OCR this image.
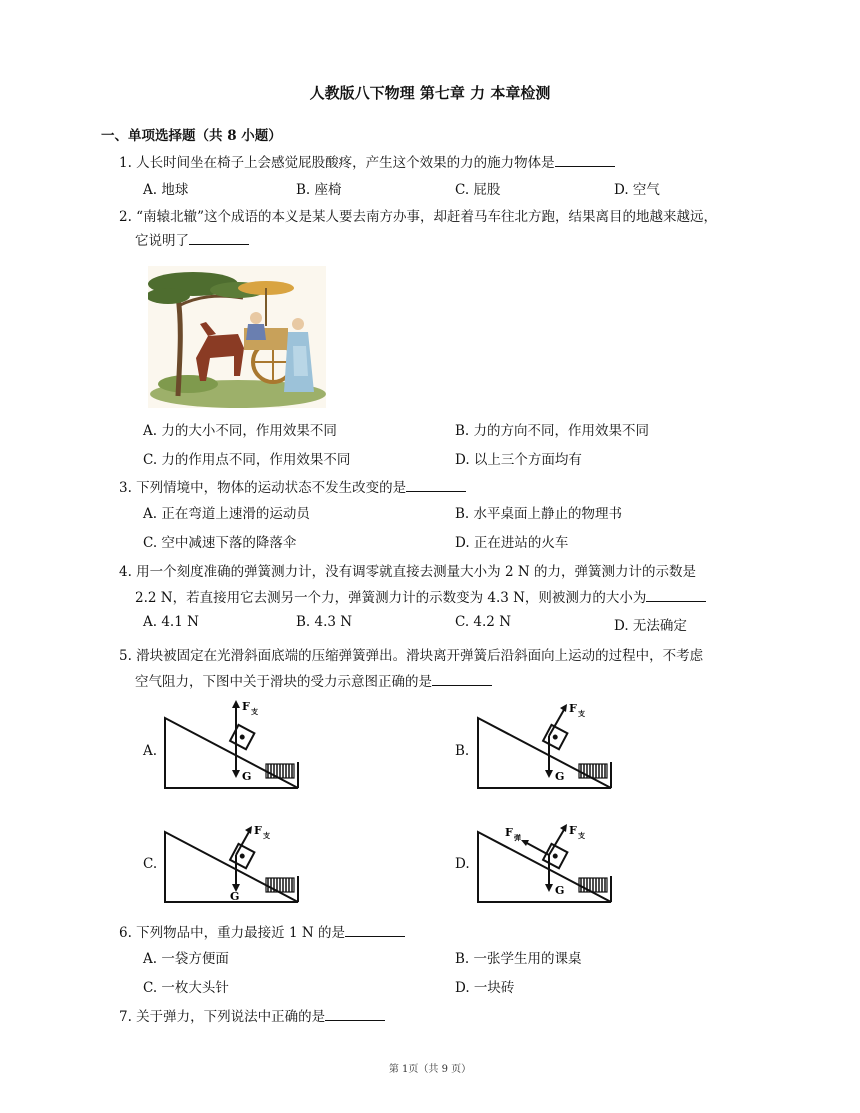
人教版八下物理 第七章 力 本章检测
一、单项选择题（共 8 小题）
1. 人长时间坐在椅子上会感觉屁股酸疼，产生这个效果的力的施力物体是
A. 地球	B. 座椅	C. 屁股	D. 空气
2. “南辕北辙”这个成语的本义是某人要去南方办事，却赶着马车往北方跑，结果离目的地越来越远，
它说明了
A. 力的大小不同，作用效果不同	B. 力的方向不同，作用效果不同
C. 力的作用点不同，作用效果不同	D. 以上三个方面均有
3. 下列情境中，物体的运动状态不发生改变的是
A. 正在弯道上速滑的运动员	B. 水平桌面上静止的物理书
C. 空中减速下落的降落伞	D. 正在进站的火车
4. 用一个刻度准确的弹簧测力计，没有调零就直接去测量大小为 2 N 的力，弹簧测力计的示数是
2.2 N，若直接用它去测另一个力，弹簧测力计的示数变为 4.3 N，则被测力的大小为
A. 4.1 N	B. 4.3 N	C. 4.2 N	D. 无法确定
5. 滑块被固定在光滑斜面底端的压缩弹簧弹出。滑块离开弹簧后沿斜面向上运动的过程中，不考虑
空气阻力，下图中关于滑块的受力示意图正确的是
A.	B.
C.	D.
F 支
G
F 支
G
F 支
G
F 支
F 弹
G
6. 下列物品中，重力最接近 1 N 的是
A. 一袋方便面	B. 一张学生用的课桌
C. 一枚大头针	D. 一块砖
7. 关于弹力，下列说法中正确的是
第 1页（共 9 页）
